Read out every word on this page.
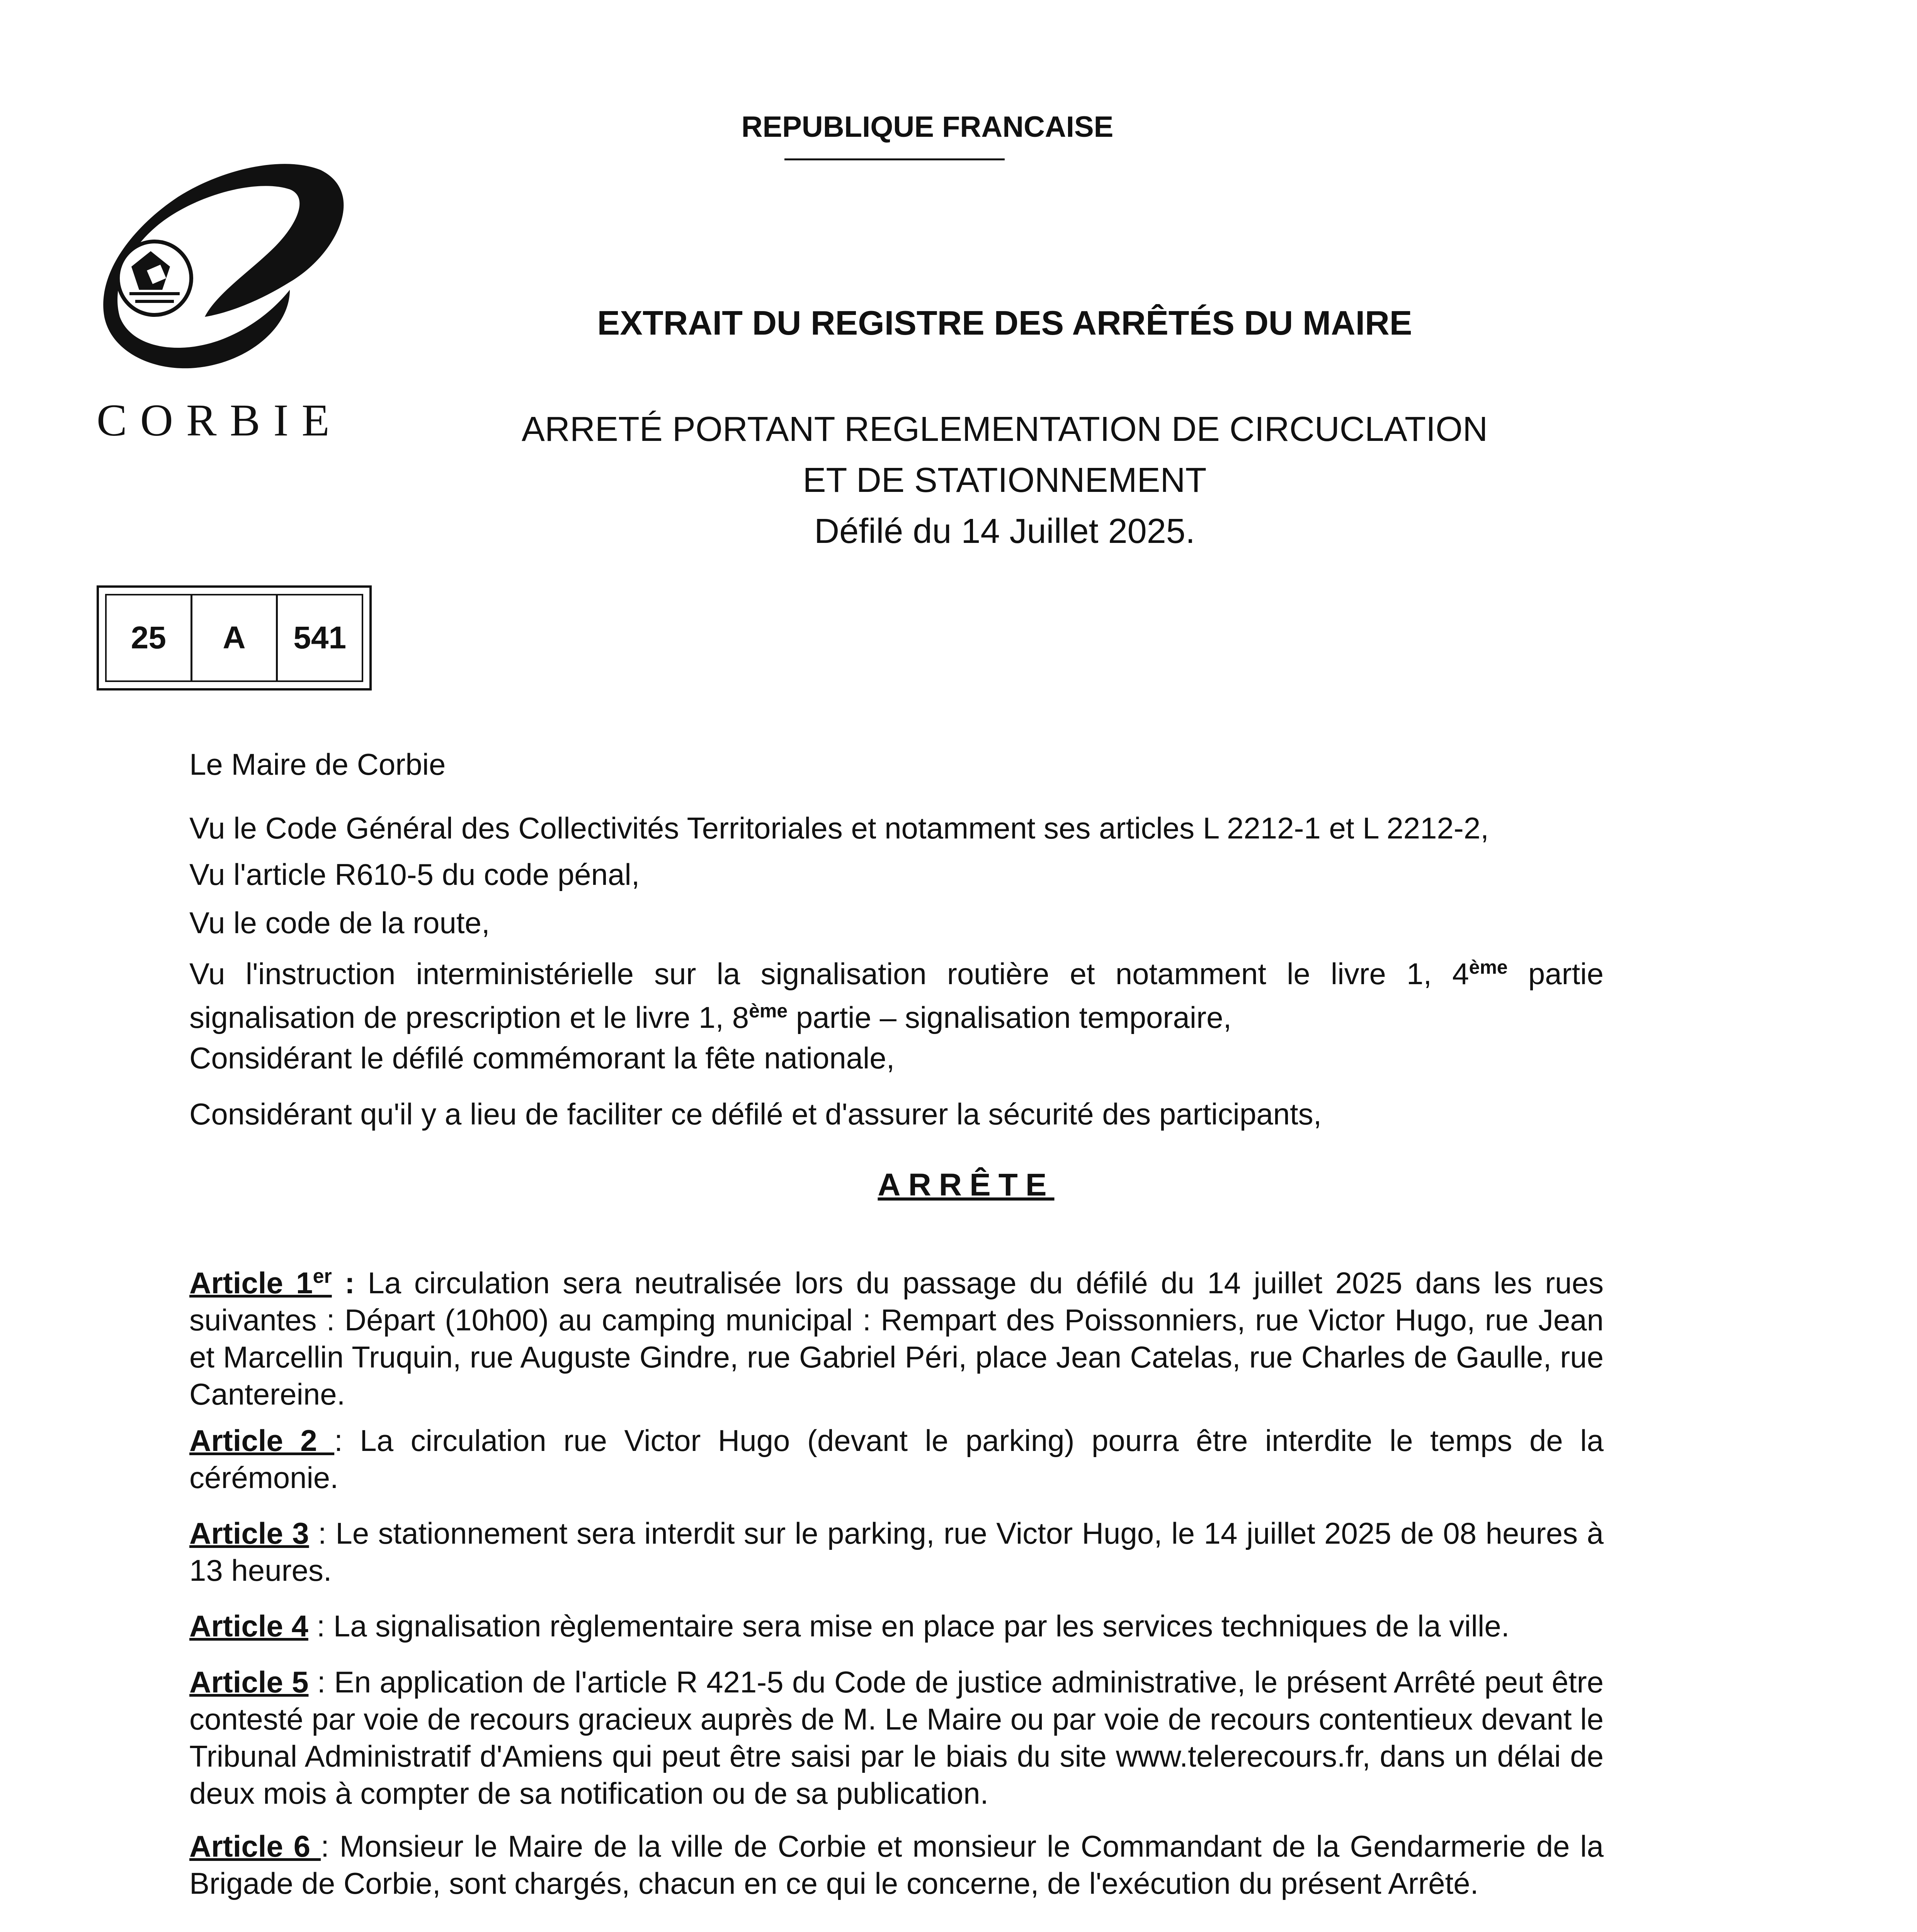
CORBIE
REPUBLIQUE FRANCAISE
EXTRAIT DU REGISTRE DES ARRÊTÉS DU MAIRE
ARRETÉ PORTANT REGLEMENTATION DE CIRCUCLATION
ET DE STATIONNEMENT
Défilé du 14 Juillet 2025.
25	A	541
Le Maire de Corbie
Vu le Code Général des Collectivités Territoriales et notamment ses articles L 2212-1 et L 2212-2,
Vu l'article R610-5 du code pénal,
Vu le code de la route,
Vu l'instruction interministérielle sur la signalisation routière et notamment le livre 1, 4ème partie signalisation de prescription et le livre 1, 8ème partie – signalisation temporaire,
Considérant le défilé commémorant la fête nationale,
Considérant qu'il y a lieu de faciliter ce défilé et d'assurer la sécurité des participants,
ARRÊTE
Article 1er : La circulation sera neutralisée lors du passage du défilé du 14 juillet 2025 dans les rues suivantes : Départ (10h00) au camping municipal : Rempart des Poissonniers, rue Victor Hugo, rue Jean et Marcellin Truquin, rue Auguste Gindre, rue Gabriel Péri, place Jean Catelas, rue Charles de Gaulle, rue Cantereine.
Article 2 : La circulation rue Victor Hugo (devant le parking) pourra être interdite le temps de la cérémonie.
Article 3 : Le stationnement sera interdit sur le parking, rue Victor Hugo, le 14 juillet 2025 de 08 heures à 13 heures.
Article 4 : La signalisation règlementaire sera mise en place par les services techniques de la ville.
Article 5 : En application de l'article R 421-5 du Code de justice administrative, le présent Arrêté peut être contesté par voie de recours gracieux auprès de M. Le Maire ou par voie de recours contentieux devant le Tribunal Administratif d'Amiens qui peut être saisi par le biais du site www.telerecours.fr, dans un délai de deux mois à compter de sa notification ou de sa publication.
Article 6 : Monsieur le Maire de la ville de Corbie et monsieur le Commandant de la Gendarmerie de la Brigade de Corbie, sont chargés, chacun en ce qui le concerne, de l'exécution du présent Arrêté.
